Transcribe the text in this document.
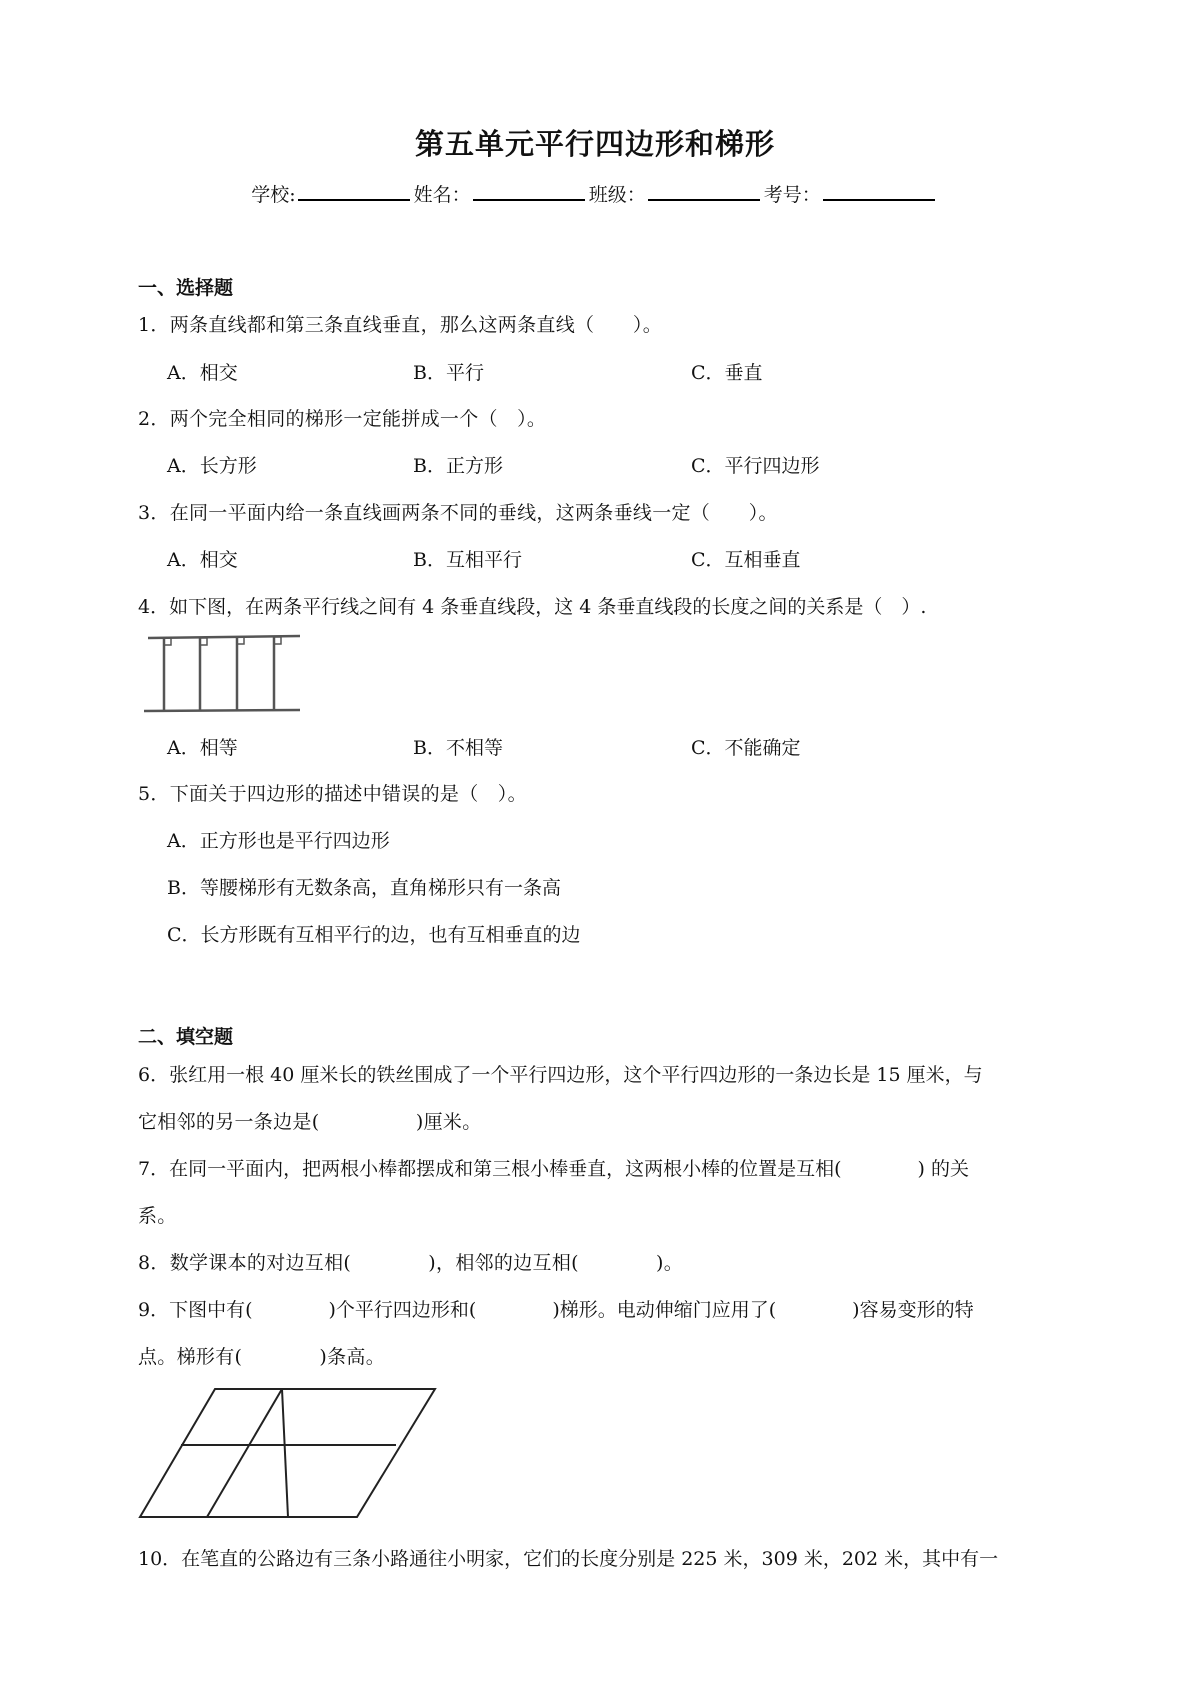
第五单元平行四边形和梯形
学校:	姓名：	班级：	考号：
一、选择题
1．两条直线都和第三条直线垂直，那么这两条直线（　　）。
A．相交	B．平行	C．垂直
2．两个完全相同的梯形一定能拼成一个（　）。
A．长方形	B．正方形	C．平行四边形
3．在同一平面内给一条直线画两条不同的垂线，这两条垂线一定（　　）。
A．相交	B．互相平行	C．互相垂直
4．如下图，在两条平行线之间有 4 条垂直线段，这 4 条垂直线段的长度之间的关系是（　）.
A．相等	B．不相等	C．不能确定
5．下面关于四边形的描述中错误的是（　）。
A．正方形也是平行四边形
B．等腰梯形有无数条高，直角梯形只有一条高
C．长方形既有互相平行的边，也有互相垂直的边
二、填空题
6．张红用一根 40 厘米长的铁丝围成了一个平行四边形，这个平行四边形的一条边长是 15 厘米，与
它相邻的另一条边是(　　　　　)厘米。
7．在同一平面内，把两根小棒都摆成和第三根小棒垂直，这两根小棒的位置是互相(　　　　) 的关
系。
8．数学课本的对边互相(　　　　)，相邻的边互相(　　　　)。
9．下图中有(　　　　)个平行四边形和(　　　　)梯形。电动伸缩门应用了(　　　　)容易变形的特
点。梯形有(　　　　)条高。
10．在笔直的公路边有三条小路通往小明家，它们的长度分别是 225 米，309 米，202 米，其中有一
